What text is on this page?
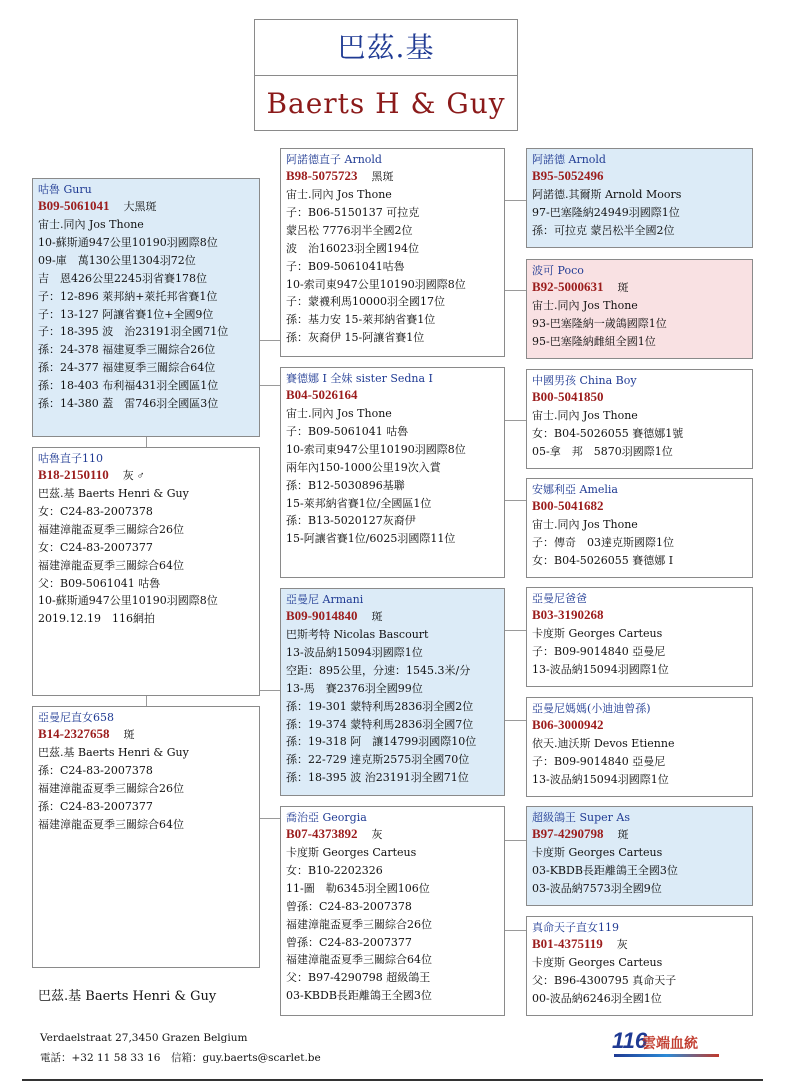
巴茲.基
Baerts H & Guy
咕魯 Guru
B09-5061041 大黑斑
宙士.同內 Jos Thone
10-蘇斯通947公里10190羽國際8位
09-庫　萬130公里1304羽72位
吉　恩426公里2245羽省賽178位
子：12-896 萊邦納+萊托邦省賽1位
子：13-127 阿讓省賽1位+全國9位
子：18-395 波　治23191羽全國71位
孫：24-378 福建夏季三關綜合26位
孫：24-377 福建夏季三關綜合64位
孫：18-403 布利福431羽全國區1位
孫：14-380 蓋　雷746羽全國區3位
咕魯直子110
B18-2150110 灰 ♂
巴茲.基 Baerts Henri & Guy
女：C24-83-2007378
福建漳龍盃夏季三關綜合26位
女：C24-83-2007377
福建漳龍盃夏季三關綜合64位
父：B09-5061041 咕魯
10-蘇斯通947公里10190羽國際8位
2019.12.19　116網拍
亞曼尼直女658
B14-2327658 斑
巴茲.基 Baerts Henri & Guy
孫：C24-83-2007378
福建漳龍盃夏季三關綜合26位
孫：C24-83-2007377
福建漳龍盃夏季三關綜合64位
阿諾德直子 Arnold
B98-5075723 黑斑
宙士.同內 Jos Thone
子：B06-5150137 可拉克
蒙呂松 7776羽半全國2位
波　治16023羽全國194位
子：B09-5061041咕魯
10-索司東947公里10190羽國際8位
子：蒙襪利馬10000羽全國17位
孫：基力安 15-萊邦納省賽1位
孫：灰裔伊 15-阿讓省賽1位
賽德娜 I 全妹 sister Sedna I
B04-5026164
宙士.同內 Jos Thone
子：B09-5061041 咕魯
10-索司東947公里10190羽國際8位
兩年內150-1000公里19次入賞
孫：B12-5030896基聯
15-萊邦納省賽1位/全國區1位
孫：B13-5020127灰裔伊
15-阿讓省賽1位/6025羽國際11位
亞曼尼 Armani
B09-9014840 斑
巴斯考特 Nicolas Bascourt
13-波品納15094羽國際1位
空距：895公里，分速：1545.3米/分
13-馬　賽2376羽全國99位
孫：19-301 蒙特利馬2836羽全國2位
孫：19-374 蒙特利馬2836羽全國7位
孫：19-318 阿　讓14799羽國際10位
孫：22-729 達克斯2575羽全國70位
孫：18-395 波 治23191羽全國71位
喬治亞 Georgia
B07-4373892 灰
卡度斯 Georges Carteus
女：B10-2202326
11-圖　勒6345羽全國106位
曾孫：C24-83-2007378
福建漳龍盃夏季三關綜合26位
曾孫：C24-83-2007377
福建漳龍盃夏季三關綜合64位
父：B97-4290798 超級鴿王
03-KBDB長距離鴿王全國3位
阿諾德 Arnold
B95-5052496
阿諾德.其爾斯 Arnold Moors
97-巴塞隆納24949羽國際1位
孫：可拉克 蒙呂松半全國2位
波可 Poco
B92-5000631 斑
宙士.同內 Jos Thone
93-巴塞隆納一歲鴿國際1位
95-巴塞隆納雌組全國1位
中國男孩 China Boy
B00-5041850
宙士.同內 Jos Thone
女：B04-5026055 賽德娜1號
05-拿　邦　5870羽國際1位
安娜利亞 Amelia
B00-5041682
宙士.同內 Jos Thone
子：傳奇　03達克斯國際1位
女：B04-5026055 賽德娜 I
亞曼尼爸爸
B03-3190268
卡度斯 Georges Carteus
子：B09-9014840 亞曼尼
13-波品納15094羽國際1位
亞曼尼媽媽(小迪迪曾孫)
B06-3000942
依天.迪沃斯 Devos Etienne
子：B09-9014840 亞曼尼
13-波品納15094羽國際1位
超級鴿王 Super As
B97-4290798 斑
卡度斯 Georges Carteus
03-KBDB長距離鴿王全國3位
03-波品納7573羽全國9位
真命天子直女119
B01-4375119 灰
卡度斯 Georges Carteus
父：B96-4300795 真命天子
00-波品納6246羽全國1位
巴茲.基 Baerts Henri & Guy
Verdaelstraat 27,3450 Grazen Belgium
電話：+32 11 58 33 16　信箱：guy.baerts@scarlet.be
116
雲端血統
